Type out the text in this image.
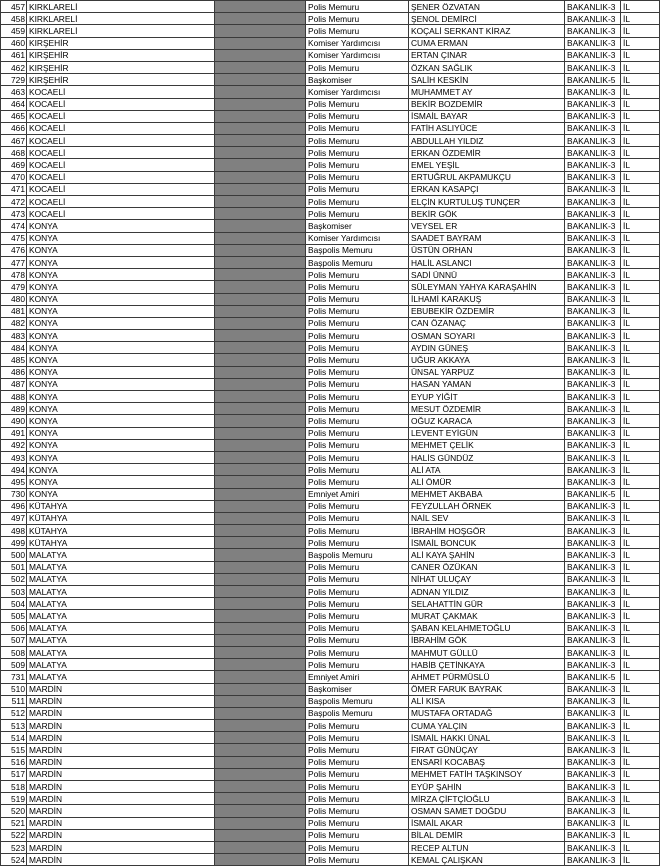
457	KIRKLARELİ			Polis Memuru	ŞENER ÖZVATAN	BAKANLIK-3	İL
458	KIRKLARELİ			Polis Memuru	ŞENOL DEMİRCİ	BAKANLIK-3	İL
459	KIRKLARELİ			Polis Memuru	KOÇALİ SERKANT KİRAZ	BAKANLIK-3	İL
460	KIRŞEHİR			Komiser Yardımcısı	CUMA ERMAN	BAKANLIK-3	İL
461	KIRŞEHİR			Komiser Yardımcısı	ERTAN ÇINAR	BAKANLIK-3	İL
462	KIRŞEHİR			Polis Memuru	ÖZKAN SAĞLIK	BAKANLIK-3	İL
729	KIRŞEHİR			Başkomiser	SALİH KESKİN	BAKANLIK-5	İL
463	KOCAELİ			Komiser Yardımcısı	MUHAMMET AY	BAKANLIK-3	İL
464	KOCAELİ			Polis Memuru	BEKİR BOZDEMİR	BAKANLIK-3	İL
465	KOCAELİ			Polis Memuru	İSMAİL BAYAR	BAKANLIK-3	İL
466	KOCAELİ			Polis Memuru	FATİH ASLIYÜCE	BAKANLIK-3	İL
467	KOCAELİ			Polis Memuru	ABDULLAH YILDIZ	BAKANLIK-3	İL
468	KOCAELİ			Polis Memuru	ERKAN ÖZDEMİR	BAKANLIK-3	İL
469	KOCAELİ			Polis Memuru	EMEL YEŞİL	BAKANLIK-3	İL
470	KOCAELİ			Polis Memuru	ERTUĞRUL AKPAMUKÇU	BAKANLIK-3	İL
471	KOCAELİ			Polis Memuru	ERKAN KASAPÇI	BAKANLIK-3	İL
472	KOCAELİ			Polis Memuru	ELÇİN KURTULUŞ TUNÇER	BAKANLIK-3	İL
473	KOCAELİ			Polis Memuru	BEKİR GÖK	BAKANLIK-3	İL
474	KONYA			Başkomiser	VEYSEL ER	BAKANLIK-3	İL
475	KONYA			Komiser Yardımcısı	SAADET BAYRAM	BAKANLIK-3	İL
476	KONYA			Başpolis Memuru	ÜSTÜN ORHAN	BAKANLIK-3	İL
477	KONYA			Başpolis Memuru	HALİL ASLANCI	BAKANLIK-3	İL
478	KONYA			Polis Memuru	SADİ ÜNNÜ	BAKANLIK-3	İL
479	KONYA			Polis Memuru	SÜLEYMAN YAHYA KARAŞAHİN	BAKANLIK-3	İL
480	KONYA			Polis Memuru	İLHAMİ KARAKUŞ	BAKANLIK-3	İL
481	KONYA			Polis Memuru	EBUBEKİR ÖZDEMİR	BAKANLIK-3	İL
482	KONYA			Polis Memuru	CAN ÖZANAÇ	BAKANLIK-3	İL
483	KONYA			Polis Memuru	OSMAN SOYARI	BAKANLIK-3	İL
484	KONYA			Polis Memuru	AYDIN GÜNEŞ	BAKANLIK-3	İL
485	KONYA			Polis Memuru	UĞUR AKKAYA	BAKANLIK-3	İL
486	KONYA			Polis Memuru	ÜNSAL YARPUZ	BAKANLIK-3	İL
487	KONYA			Polis Memuru	HASAN YAMAN	BAKANLIK-3	İL
488	KONYA			Polis Memuru	EYUP YİĞİT	BAKANLIK-3	İL
489	KONYA			Polis Memuru	MESUT ÖZDEMİR	BAKANLIK-3	İL
490	KONYA			Polis Memuru	OĞUZ KARACA	BAKANLIK-3	İL
491	KONYA			Polis Memuru	LEVENT EYİGÜN	BAKANLIK-3	İL
492	KONYA			Polis Memuru	MEHMET ÇELİK	BAKANLIK-3	İL
493	KONYA			Polis Memuru	HALİS GÜNDÜZ	BAKANLIK-3	İL
494	KONYA			Polis Memuru	ALİ ATA	BAKANLIK-3	İL
495	KONYA			Polis Memuru	ALİ ÖMÜR	BAKANLIK-3	İL
730	KONYA			Emniyet Amiri	MEHMET AKBABA	BAKANLIK-5	İL
496	KÜTAHYA			Polis Memuru	FEYZULLAH ÖRNEK	BAKANLIK-3	İL
497	KÜTAHYA			Polis Memuru	NAİL SEV	BAKANLIK-3	İL
498	KÜTAHYA			Polis Memuru	İBRAHİM HOŞGÖR	BAKANLIK-3	İL
499	KÜTAHYA			Polis Memuru	İSMAİL BONCUK	BAKANLIK-3	İL
500	MALATYA			Başpolis Memuru	ALİ KAYA ŞAHİN	BAKANLIK-3	İL
501	MALATYA			Polis Memuru	CANER ÖZÜKAN	BAKANLIK-3	İL
502	MALATYA			Polis Memuru	NİHAT ULUÇAY	BAKANLIK-3	İL
503	MALATYA			Polis Memuru	ADNAN YILDIZ	BAKANLIK-3	İL
504	MALATYA			Polis Memuru	SELAHATTİN GÜR	BAKANLIK-3	İL
505	MALATYA			Polis Memuru	MURAT ÇAKMAK	BAKANLIK-3	İL
506	MALATYA			Polis Memuru	ŞABAN KELAHMETOĞLU	BAKANLIK-3	İL
507	MALATYA			Polis Memuru	İBRAHİM GÖK	BAKANLIK-3	İL
508	MALATYA			Polis Memuru	MAHMUT GÜLLÜ	BAKANLIK-3	İL
509	MALATYA			Polis Memuru	HABİB ÇETİNKAYA	BAKANLIK-3	İL
731	MALATYA			Emniyet Amiri	AHMET PÜRMÜSLÜ	BAKANLIK-5	İL
510	MARDİN			Başkomiser	ÖMER FARUK BAYRAK	BAKANLIK-3	İL
511	MARDİN			Başpolis Memuru	ALİ KISA	BAKANLIK-3	İL
512	MARDİN			Başpolis Memuru	MUSTAFA ORTADAĞ	BAKANLIK-3	İL
513	MARDİN			Polis Memuru	CUMA YALÇIN	BAKANLIK-3	İL
514	MARDİN			Polis Memuru	İSMAİL HAKKI ÜNAL	BAKANLIK-3	İL
515	MARDİN			Polis Memuru	FIRAT GÜNÜÇAY	BAKANLIK-3	İL
516	MARDİN			Polis Memuru	ENSARİ KOCABAŞ	BAKANLIK-3	İL
517	MARDİN			Polis Memuru	MEHMET FATİH TAŞKINSOY	BAKANLIK-3	İL
518	MARDİN			Polis Memuru	EYÜP ŞAHİN	BAKANLIK-3	İL
519	MARDİN			Polis Memuru	MİRZA ÇİFTÇİOĞLU	BAKANLIK-3	İL
520	MARDİN			Polis Memuru	OSMAN SAMET DOĞDU	BAKANLIK-3	İL
521	MARDİN			Polis Memuru	İSMAİL AKAR	BAKANLIK-3	İL
522	MARDİN			Polis Memuru	BİLAL DEMİR	BAKANLIK-3	İL
523	MARDİN			Polis Memuru	RECEP ALTUN	BAKANLIK-3	İL
524	MARDİN			Polis Memuru	KEMAL ÇALIŞKAN	BAKANLIK-3	İL
